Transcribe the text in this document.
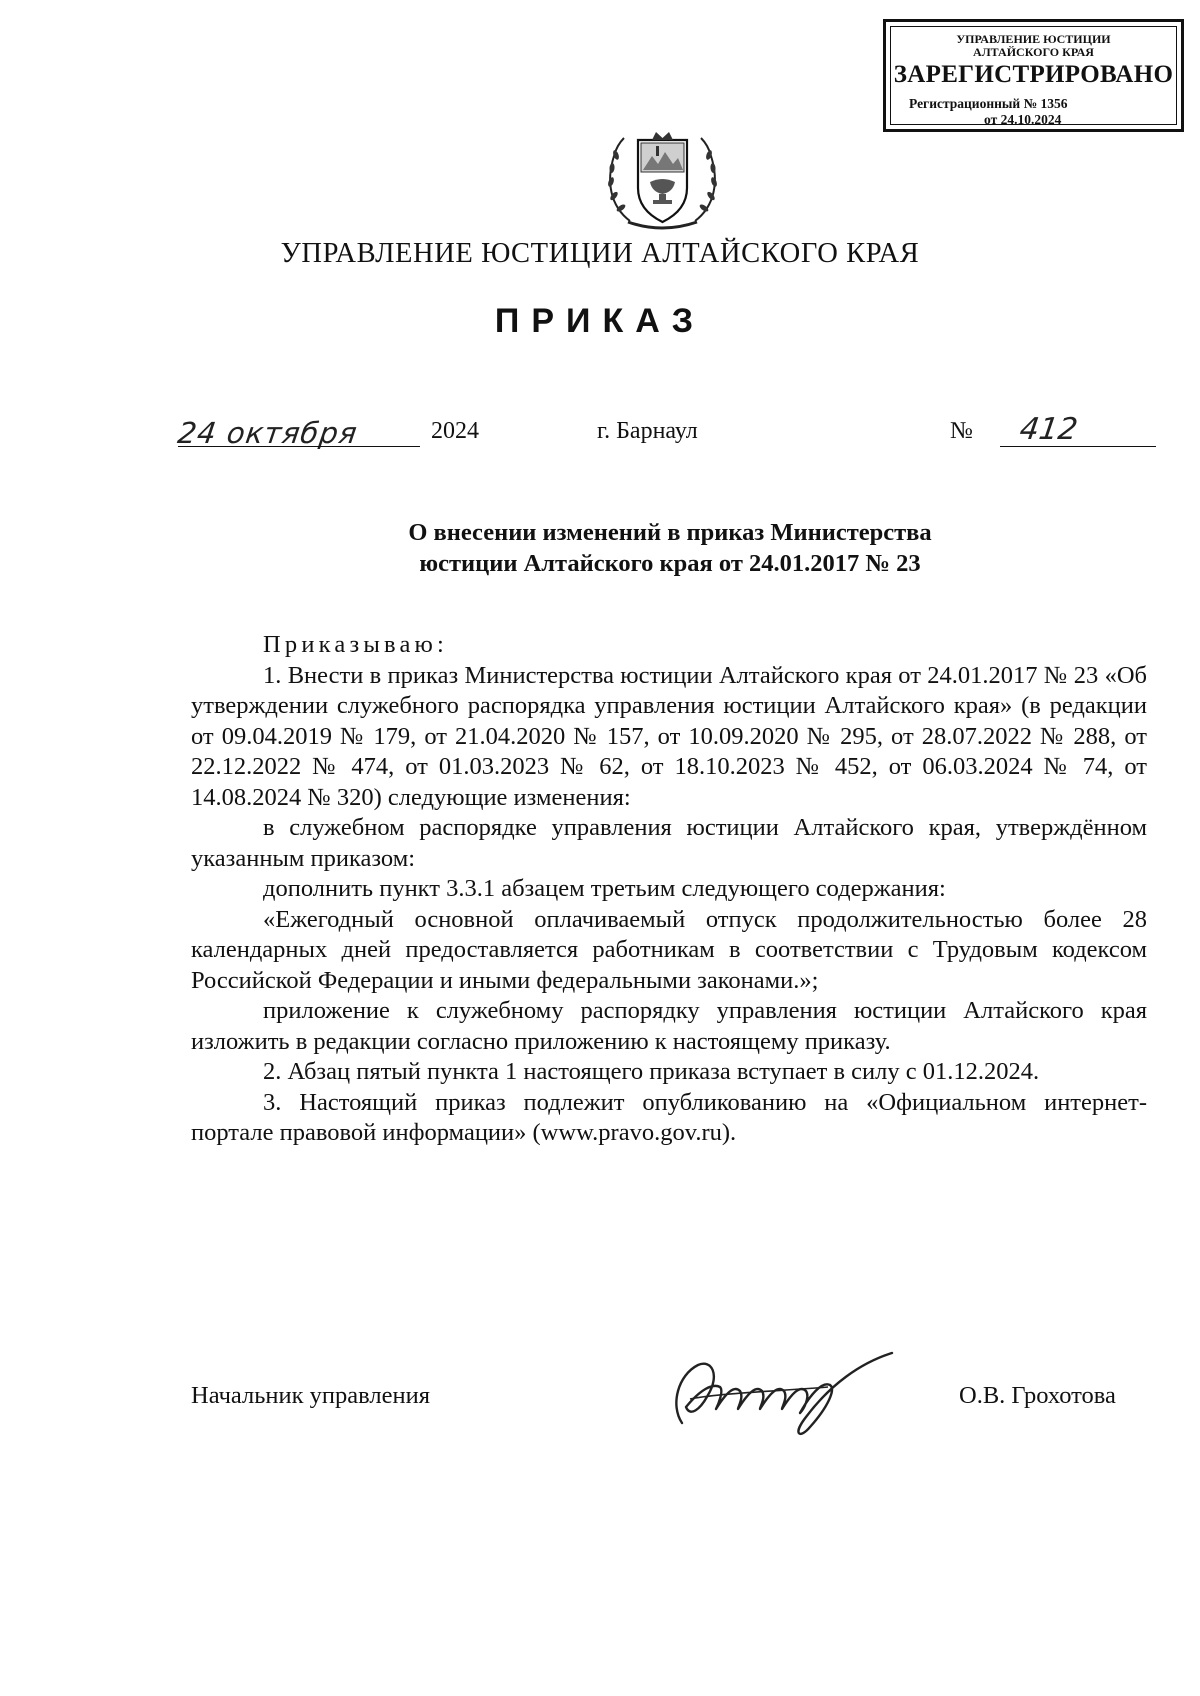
УПРАВЛЕНИЕ ЮСТИЦИИ
АЛТАЙСКОГО КРАЯ
ЗАРЕГИСТРИРОВАНО
Регистрационный № 1356
от 24.10.2024
УПРАВЛЕНИЕ ЮСТИЦИИ АЛТАЙСКОГО КРАЯ
ПРИКАЗ
24 октября	2024	г. Барнаул	№ 412
О внесении изменений в приказ Министерства
юстиции Алтайского края от 24.01.2017 № 23

Приказываю:

1. Внести в приказ Министерства юстиции Алтайского края от 24.01.2017 № 23 «Об утверждении служебного распорядка управления юстиции Алтайского края» (в редакции от 09.04.2019 № 179, от 21.04.2020 № 157, от 10.09.2020 № 295, от 28.07.2022 № 288, от 22.12.2022 № 474, от 01.03.2023 № 62, от 18.10.2023 № 452, от 06.03.2024 № 74, от 14.08.2024 № 320) следующие изменения:

в служебном распорядке управления юстиции Алтайского края, утверждённом указанным приказом:

дополнить пункт 3.3.1 абзацем третьим следующего содержания:

«Ежегодный основной оплачиваемый отпуск продолжительностью более 28 календарных дней предоставляется работникам в соответствии с Трудовым кодексом Российской Федерации и иными федеральными законами.»;

приложение к служебному распорядку управления юстиции Алтайского края изложить в редакции согласно приложению к настоящему приказу.

2. Абзац пятый пункта 1 настоящего приказа вступает в силу с 01.12.2024.

3. Настоящий приказ подлежит опубликованию на «Официальном интернет-портале правовой информации» (www.pravo.gov.ru).

Начальник управления	О.В. Грохотова
